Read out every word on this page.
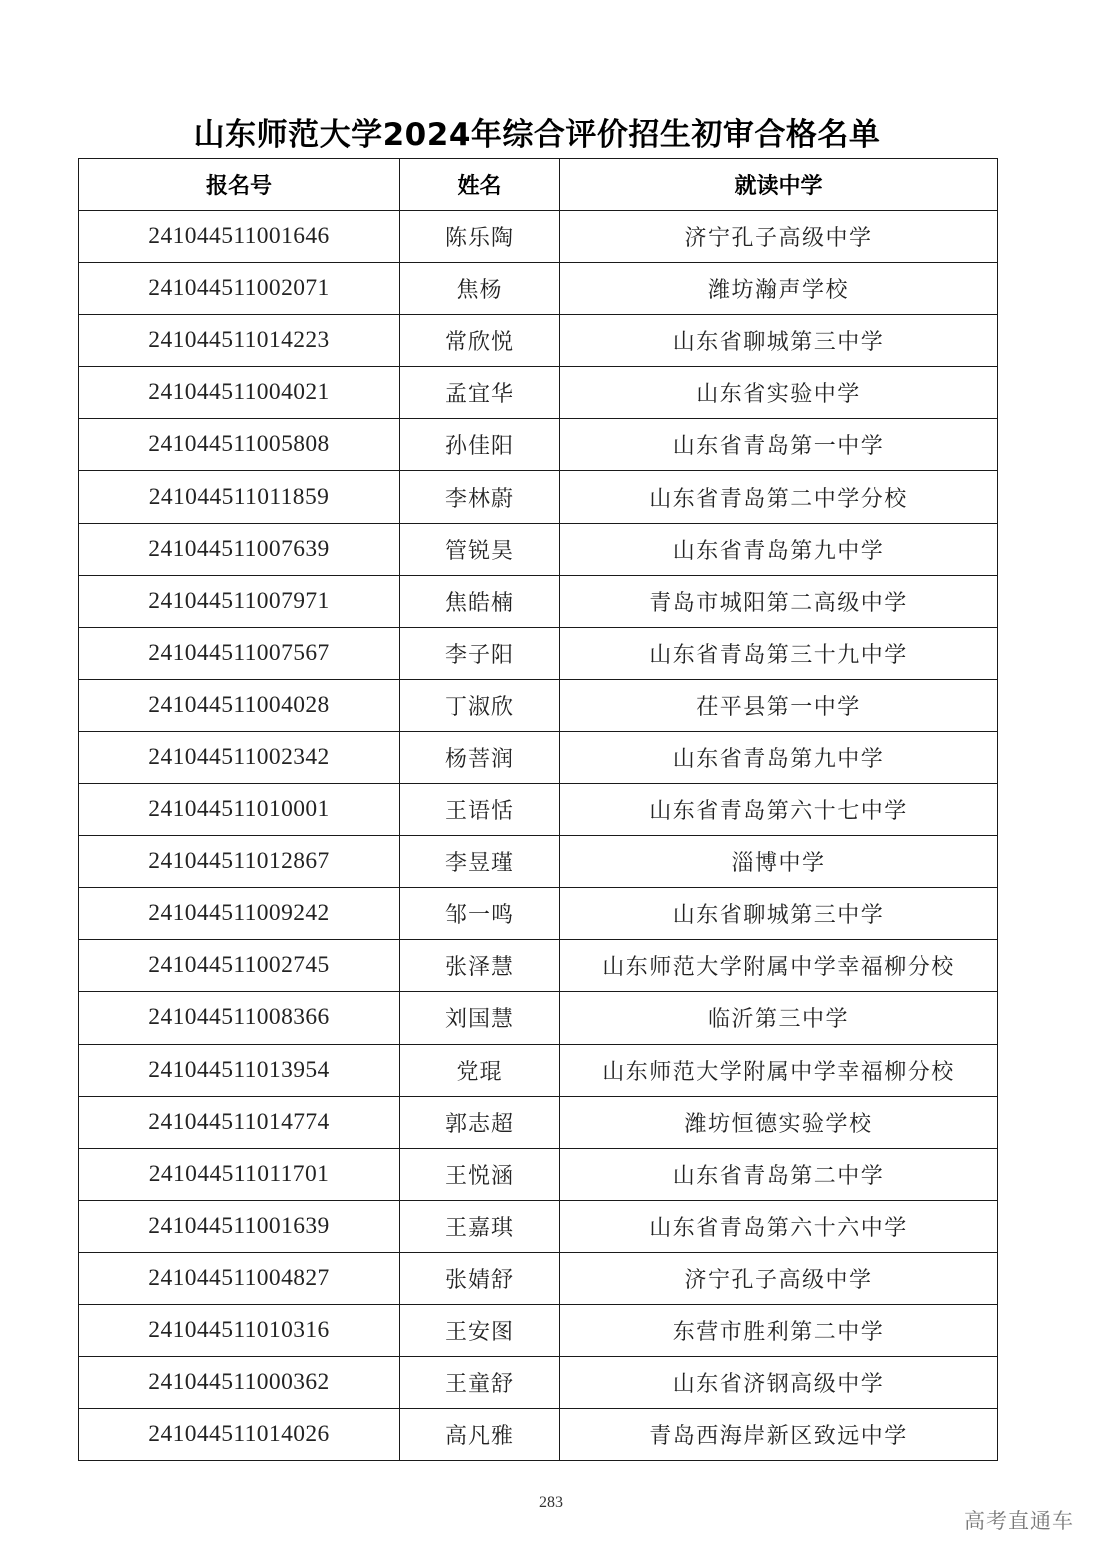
山东师范大学2024年综合评价招生初审合格名单
报名号	姓名	就读中学
241044511001646	陈乐陶	济宁孔子高级中学
241044511002071	焦杨	潍坊瀚声学校
241044511014223	常欣悦	山东省聊城第三中学
241044511004021	孟宜华	山东省实验中学
241044511005808	孙佳阳	山东省青岛第一中学
241044511011859	李林蔚	山东省青岛第二中学分校
241044511007639	管锐昊	山东省青岛第九中学
241044511007971	焦皓楠	青岛市城阳第二高级中学
241044511007567	李子阳	山东省青岛第三十九中学
241044511004028	丁淑欣	茌平县第一中学
241044511002342	杨菩润	山东省青岛第九中学
241044511010001	王语恬	山东省青岛第六十七中学
241044511012867	李昱瑾	淄博中学
241044511009242	邹一鸣	山东省聊城第三中学
241044511002745	张泽慧	山东师范大学附属中学幸福柳分校
241044511008366	刘国慧	临沂第三中学
241044511013954	党琨	山东师范大学附属中学幸福柳分校
241044511014774	郭志超	潍坊恒德实验学校
241044511011701	王悦涵	山东省青岛第二中学
241044511001639	王嘉琪	山东省青岛第六十六中学
241044511004827	张婧舒	济宁孔子高级中学
241044511010316	王安图	东营市胜利第二中学
241044511000362	王童舒	山东省济钢高级中学
241044511014026	高凡雅	青岛西海岸新区致远中学
283
高考直通车
